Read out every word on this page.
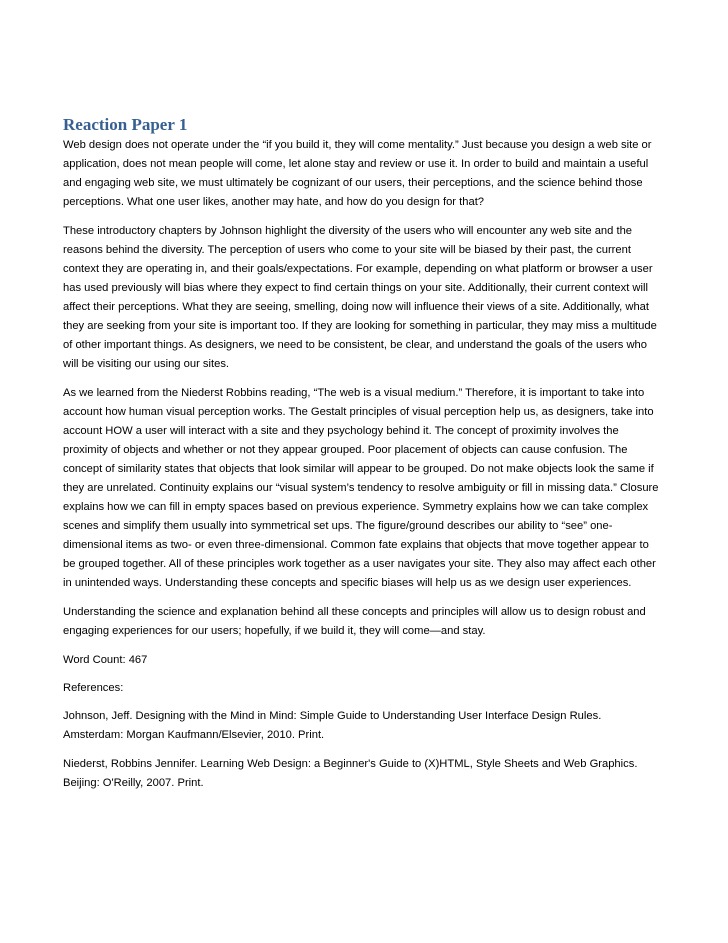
Reaction Paper 1

Web design does not operate under the “if you build it, they will come mentality.” Just because you design a web site or application, does not mean people will come, let alone stay and review or use it. In order to build and maintain a useful and engaging web site, we must ultimately be cognizant of our users, their perceptions, and the science behind those perceptions. What one user likes, another may hate, and how do you design for that?

These introductory chapters by Johnson highlight the diversity of the users who will encounter any web site and the reasons behind the diversity. The perception of users who come to your site will be biased by their past, the current context they are operating in, and their goals/expectations. For example, depending on what platform or browser a user has used previously will bias where they expect to find certain things on your site. Additionally, their current context will affect their perceptions. What they are seeing, smelling, doing now will influence their views of a site. Additionally, what they are seeking from your site is important too. If they are looking for something in particular, they may miss a multitude of other important things. As designers, we need to be consistent, be clear, and understand the goals of the users who will be visiting our using our sites.

As we learned from the Niederst Robbins reading, “The web is a visual medium.” Therefore, it is important to take into account how human visual perception works. The Gestalt principles of visual perception help us, as designers, take into account HOW a user will interact with a site and they psychology behind it. The concept of proximity involves the proximity of objects and whether or not they appear grouped. Poor placement of objects can cause confusion. The concept of similarity states that objects that look similar will appear to be grouped. Do not make objects look the same if they are unrelated. Continuity explains our “visual system’s tendency to resolve ambiguity or fill in missing data.” Closure explains how we can fill in empty spaces based on previous experience. Symmetry explains how we can take complex scenes and simplify them usually into symmetrical set ups. The figure/ground describes our ability to “see” one-dimensional items as two- or even three-dimensional. Common fate explains that objects that move together appear to be grouped together. All of these principles work together as a user navigates your site. They also may affect each other in unintended ways. Understanding these concepts and specific biases will help us as we design user experiences.

Understanding the science and explanation behind all these concepts and principles will allow us to design robust and engaging experiences for our users; hopefully, if we build it, they will come—and stay.

Word Count: 467

References:

Johnson, Jeff. Designing with the Mind in Mind: Simple Guide to Understanding User Interface Design Rules. Amsterdam: Morgan Kaufmann/Elsevier, 2010. Print.

Niederst, Robbins Jennifer. Learning Web Design: a Beginner's Guide to (X)HTML, Style Sheets and Web Graphics. Beijing: O'Reilly, 2007. Print.
